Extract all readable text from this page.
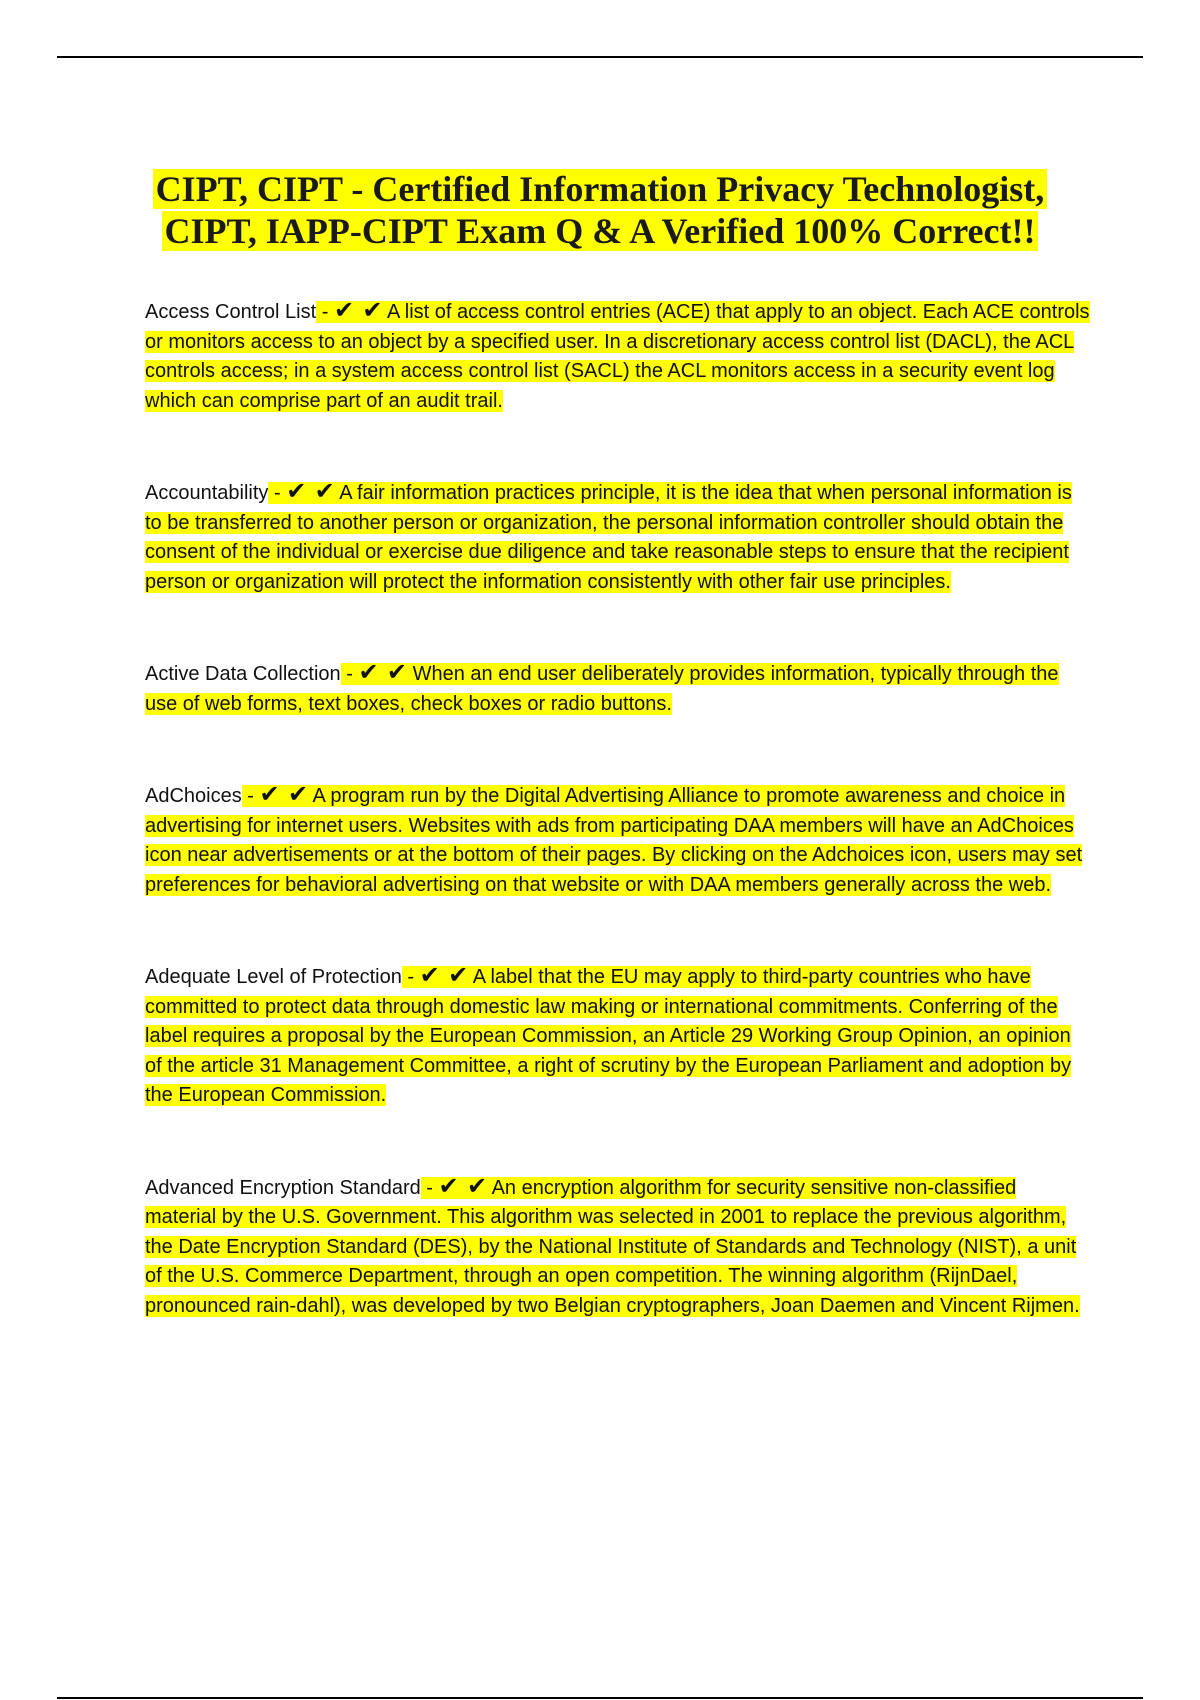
CIPT, CIPT - Certified Information Privacy Technologist,
CIPT, IAPP-CIPT Exam Q & A Verified 100% Correct!!

Access Control List - ✔ ✔ A list of access control entries (ACE) that apply to an object. Each ACE controls or monitors access to an object by a specified user. In a discretionary access control list (DACL), the ACL controls access; in a system access control list (SACL) the ACL monitors access in a security event log which can comprise part of an audit trail.

Accountability - ✔ ✔ A fair information practices principle, it is the idea that when personal information is to be transferred to another person or organization, the personal information controller should obtain the consent of the individual or exercise due diligence and take reasonable steps to ensure that the recipient person or organization will protect the information consistently with other fair use principles.

Active Data Collection - ✔ ✔ When an end user deliberately provides information, typically through the use of web forms, text boxes, check boxes or radio buttons.

AdChoices - ✔ ✔ A program run by the Digital Advertising Alliance to promote awareness and choice in advertising for internet users. Websites with ads from participating DAA members will have an AdChoices icon near advertisements or at the bottom of their pages. By clicking on the Adchoices icon, users may set preferences for behavioral advertising on that website or with DAA members generally across the web.

Adequate Level of Protection - ✔ ✔ A label that the EU may apply to third-party countries who have committed to protect data through domestic law making or international commitments. Conferring of the label requires a proposal by the European Commission, an Article 29 Working Group Opinion, an opinion of the article 31 Management Committee, a right of scrutiny by the European Parliament and adoption by the European Commission.

Advanced Encryption Standard - ✔ ✔ An encryption algorithm for security sensitive non-classified material by the U.S. Government. This algorithm was selected in 2001 to replace the previous algorithm, the Date Encryption Standard (DES), by the National Institute of Standards and Technology (NIST), a unit of the U.S. Commerce Department, through an open competition. The winning algorithm (RijnDael, pronounced rain-dahl), was developed by two Belgian cryptographers, Joan Daemen and Vincent Rijmen.
